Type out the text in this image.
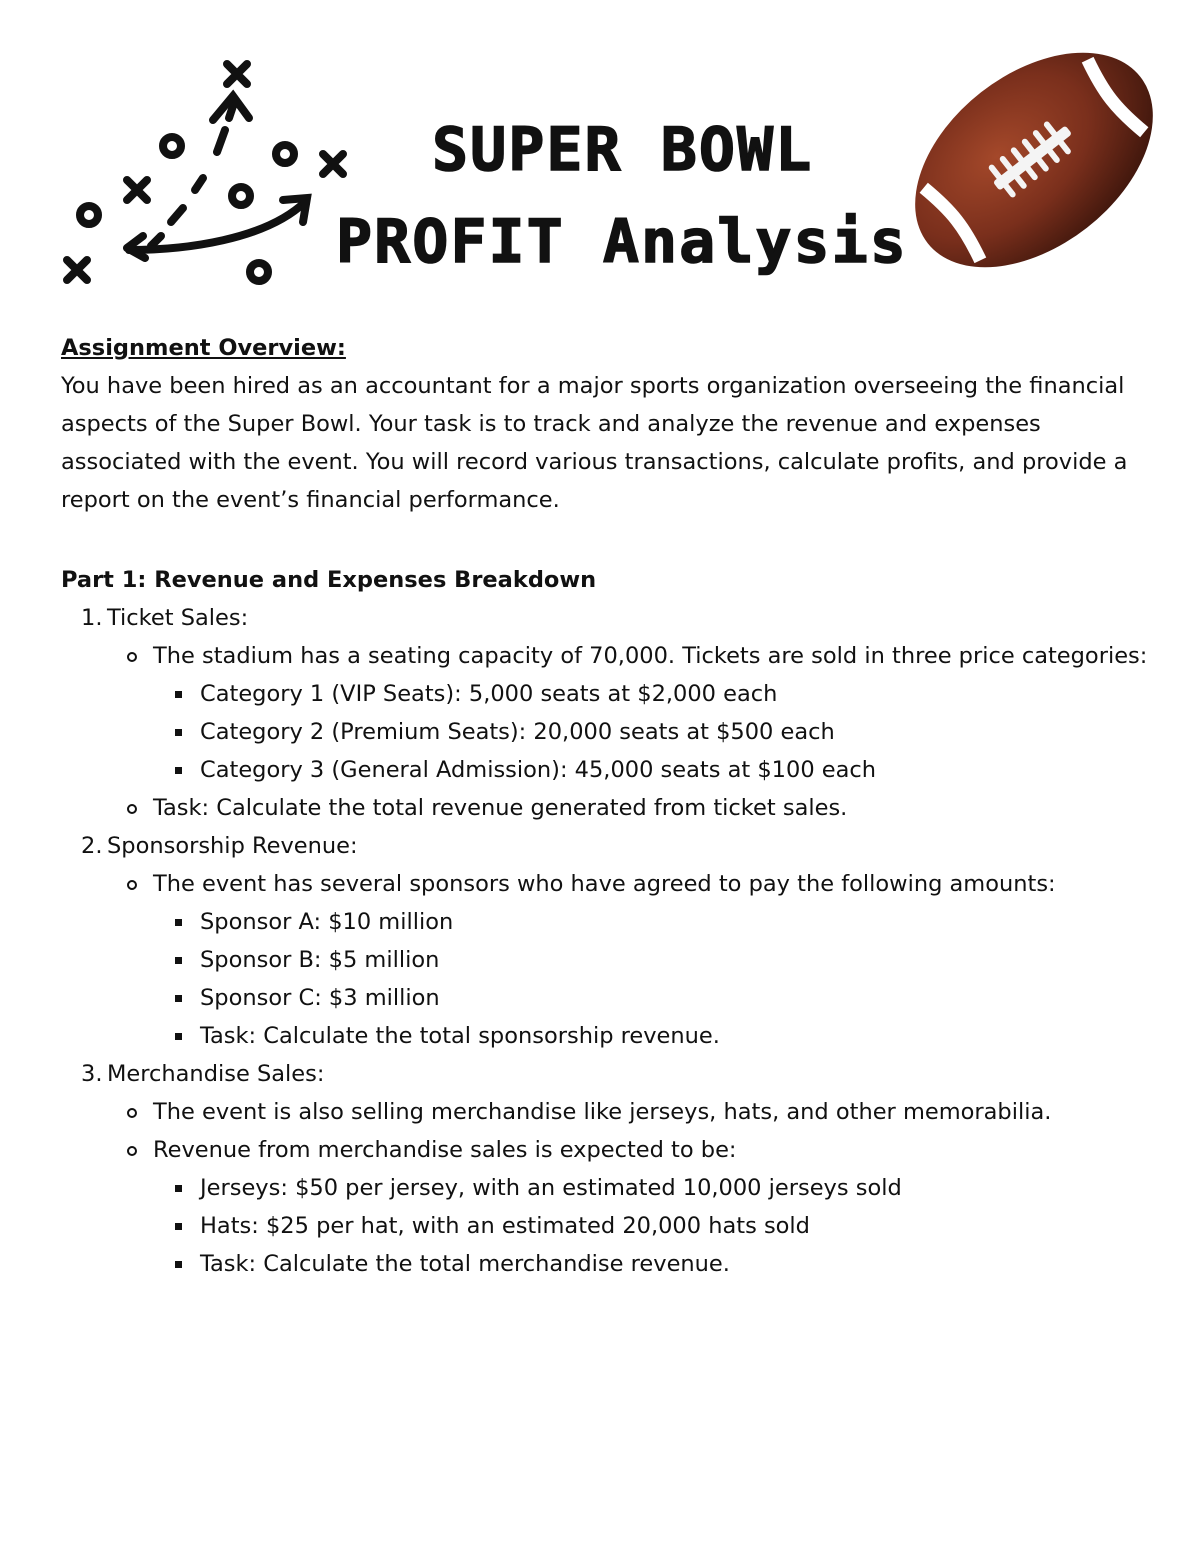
SUPER BOWL
PROFIT Analysis

Assignment Overview:

You have been hired as an accountant for a major sports organization overseeing the financial aspects of the Super Bowl. Your task is to track and analyze the revenue and expenses associated with the event. You will record various transactions, calculate profits, and provide a report on the event’s financial performance.

Part 1: Revenue and Expenses Breakdown

1. Ticket Sales:
The stadium has a seating capacity of 70,000. Tickets are sold in three price categories:
Category 1 (VIP Seats): 5,000 seats at $2,000 each
Category 2 (Premium Seats): 20,000 seats at $500 each
Category 3 (General Admission): 45,000 seats at $100 each
Task: Calculate the total revenue generated from ticket sales.
2. Sponsorship Revenue:
The event has several sponsors who have agreed to pay the following amounts:
Sponsor A: $10 million
Sponsor B: $5 million
Sponsor C: $3 million
Task: Calculate the total sponsorship revenue.
3. Merchandise Sales:
The event is also selling merchandise like jerseys, hats, and other memorabilia.
Revenue from merchandise sales is expected to be:
Jerseys: $50 per jersey, with an estimated 10,000 jerseys sold
Hats: $25 per hat, with an estimated 20,000 hats sold
Task: Calculate the total merchandise revenue.
